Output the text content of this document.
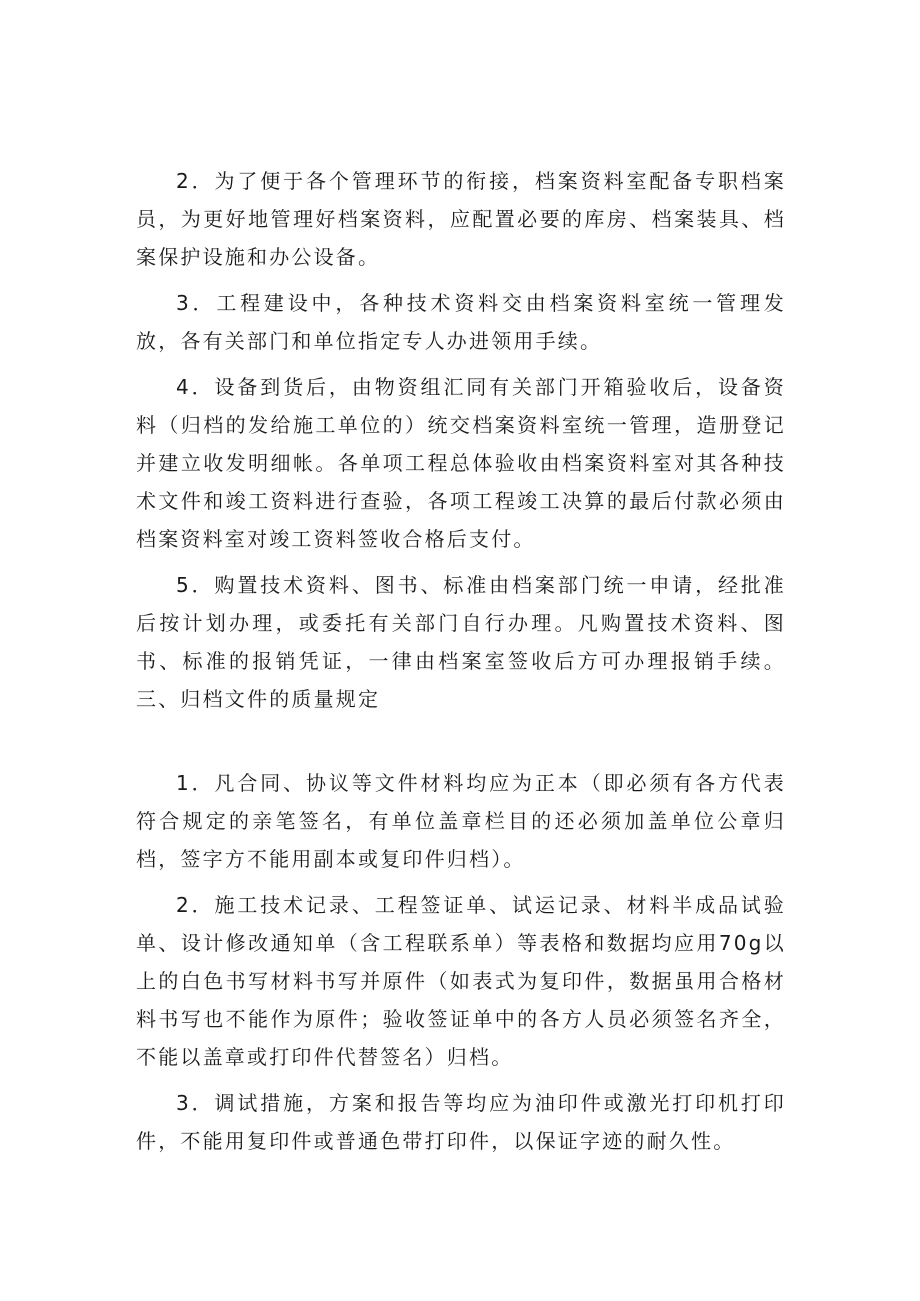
2．为了便于各个管理环节的衔接，档案资料室配备专职档案员，为更好地管理好档案资料，应配置必要的库房、档案装具、档案保护设施和办公设备。

3．工程建设中，各种技术资料交由档案资料室统一管理发放，各有关部门和单位指定专人办进领用手续。

4．设备到货后，由物资组汇同有关部门开箱验收后，设备资料（归档的发给施工单位的）统交档案资料室统一管理，造册登记并建立收发明细帐。各单项工程总体验收由档案资料室对其各种技术文件和竣工资料进行查验，各项工程竣工决算的最后付款必须由档案资料室对竣工资料签收合格后支付。

5．购置技术资料、图书、标准由档案部门统一申请，经批准后按计划办理，或委托有关部门自行办理。凡购置技术资料、图书、标准的报销凭证，一律由档案室签收后方可办理报销手续。三、归档文件的质量规定

1．凡合同、协议等文件材料均应为正本（即必须有各方代表符合规定的亲笔签名，有单位盖章栏目的还必须加盖单位公章归档，签字方不能用副本或复印件归档）。

2．施工技术记录、工程签证单、试运记录、材料半成品试验单、设计修改通知单（含工程联系单）等表格和数据均应用70g以上的白色书写材料书写并原件（如表式为复印件，数据虽用合格材料书写也不能作为原件；验收签证单中的各方人员必须签名齐全，不能以盖章或打印件代替签名）归档。

3．调试措施，方案和报告等均应为油印件或激光打印机打印件，不能用复印件或普通色带打印件，以保证字迹的耐久性。
